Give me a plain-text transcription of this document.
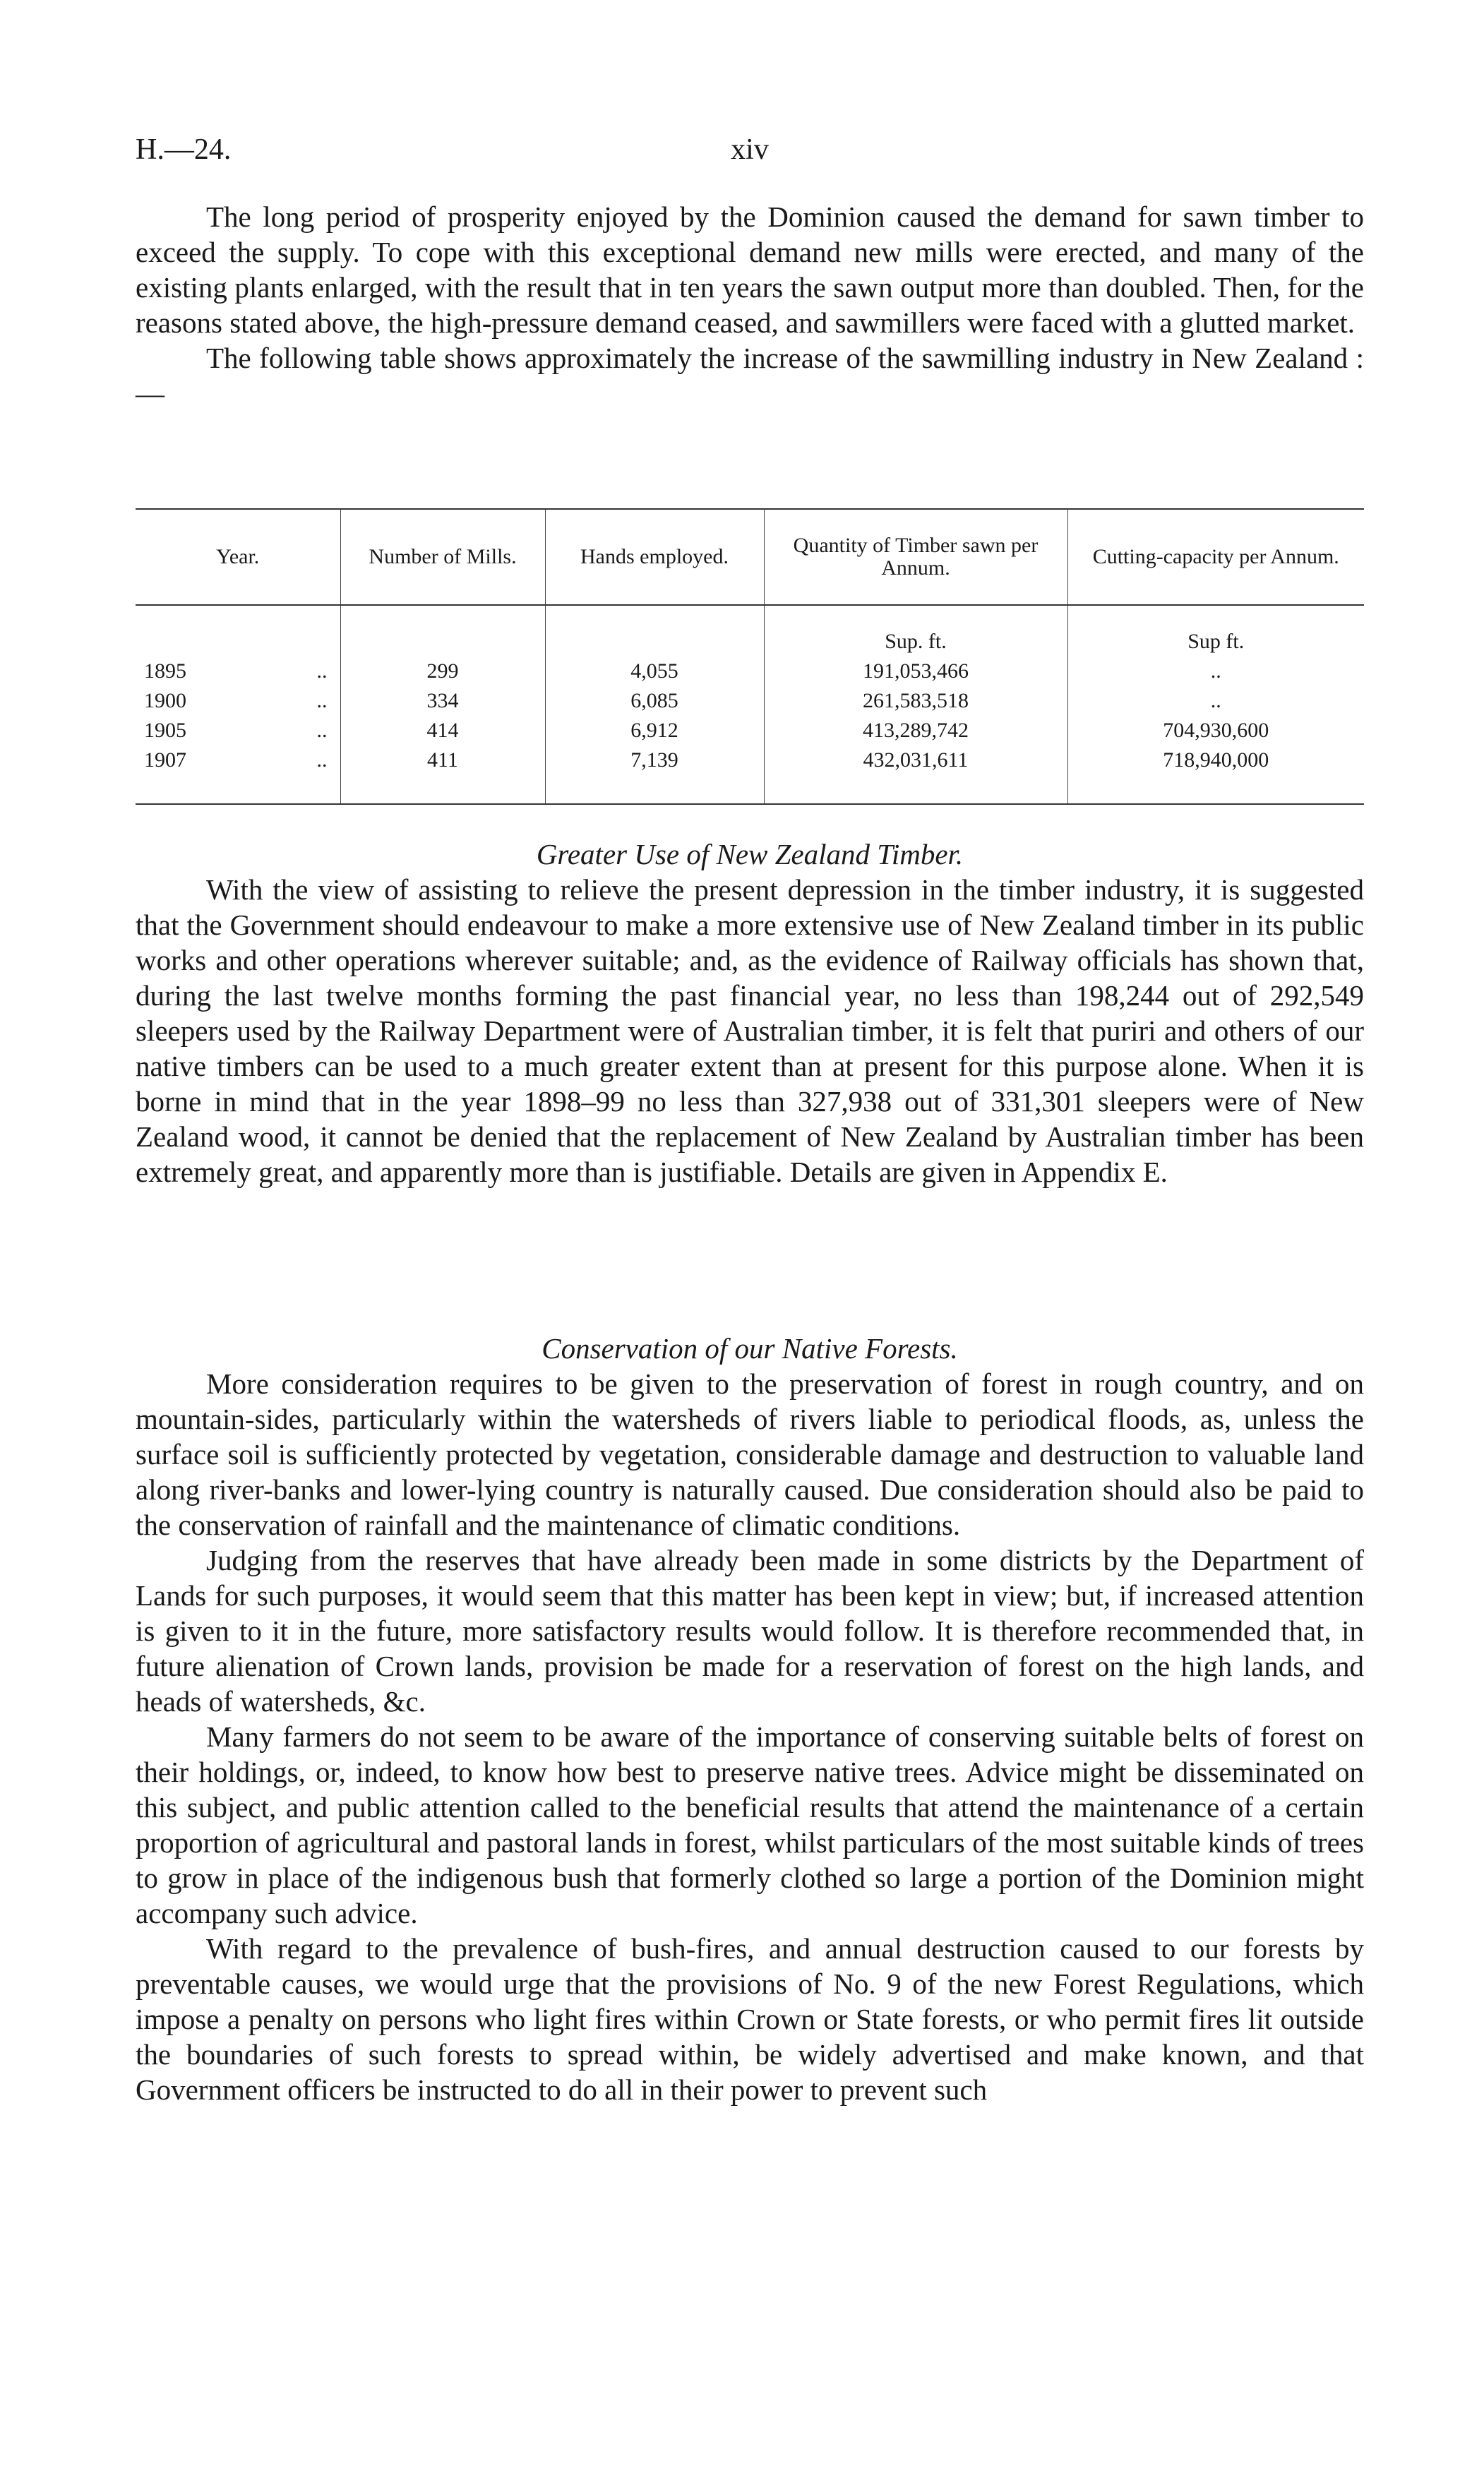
H.—24.	xiv

The long period of prosperity enjoyed by the Dominion caused the demand for sawn timber to exceed the supply. To cope with this exceptional demand new mills were erected, and many of the existing plants enlarged, with the result that in ten years the sawn output more than doubled. Then, for the reasons stated above, the high-pressure demand ceased, and sawmillers were faced with a glutted market.

The following table shows approximately the increase of the sawmilling industry in New Zealand :—

Year.	Number of Mills.	Hands employed.	Quantity of Timber sawn per Annum.	Cutting-capacity per Annum.
			Sup. ft.	Sup ft.
1895 ..	299	4,055	191,053,466	..
1900 ..	334	6,085	261,583,518	..
1905 ..	414	6,912	413,289,742	704,930,600
1907 ..	411	7,139	432,031,611	718,940,000

Greater Use of New Zealand Timber.

With the view of assisting to relieve the present depression in the timber industry, it is suggested that the Government should endeavour to make a more extensive use of New Zealand timber in its public works and other operations wherever suitable; and, as the evidence of Railway officials has shown that, during the last twelve months forming the past financial year, no less than 198,244 out of 292,549 sleepers used by the Railway Department were of Australian timber, it is felt that puriri and others of our native timbers can be used to a much greater extent than at present for this purpose alone. When it is borne in mind that in the year 1898–99 no less than 327,938 out of 331,301 sleepers were of New Zealand wood, it cannot be denied that the replacement of New Zealand by Australian timber has been extremely great, and apparently more than is justifiable. Details are given in Appendix E.

Conservation of our Native Forests.

More consideration requires to be given to the preservation of forest in rough country, and on mountain-sides, particularly within the watersheds of rivers liable to periodical floods, as, unless the surface soil is sufficiently protected by vegetation, considerable damage and destruction to valuable land along river-banks and lower-lying country is naturally caused. Due consideration should also be paid to the conservation of rainfall and the maintenance of climatic conditions.

Judging from the reserves that have already been made in some districts by the Department of Lands for such purposes, it would seem that this matter has been kept in view; but, if increased attention is given to it in the future, more satisfactory results would follow. It is therefore recommended that, in future alienation of Crown lands, provision be made for a reservation of forest on the high lands, and heads of watersheds, &c.

Many farmers do not seem to be aware of the importance of conserving suitable belts of forest on their holdings, or, indeed, to know how best to preserve native trees. Advice might be disseminated on this subject, and public attention called to the beneficial results that attend the maintenance of a certain proportion of agricultural and pastoral lands in forest, whilst particulars of the most suitable kinds of trees to grow in place of the indigenous bush that formerly clothed so large a portion of the Dominion might accompany such advice.

With regard to the prevalence of bush-fires, and annual destruction caused to our forests by preventable causes, we would urge that the provisions of No. 9 of the new Forest Regulations, which impose a penalty on persons who light fires within Crown or State forests, or who permit fires lit outside the boundaries of such forests to spread within, be widely advertised and make known, and that Government officers be instructed to do all in their power to prevent such
